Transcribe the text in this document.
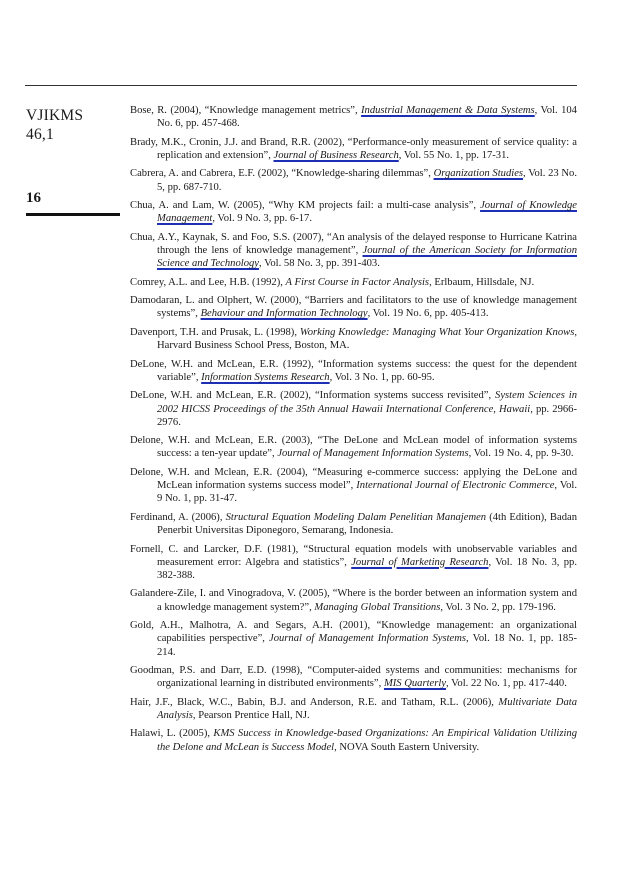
VJIKMS
46,1
16
Bose, R. (2004), “Knowledge management metrics”, Industrial Management & Data Systems, Vol. 104 No. 6, pp. 457-468.
Brady, M.K., Cronin, J.J. and Brand, R.R. (2002), “Performance-only measurement of service quality: a replication and extension”, Journal of Business Research, Vol. 55 No. 1, pp. 17-31.
Cabrera, A. and Cabrera, E.F. (2002), “Knowledge-sharing dilemmas”, Organization Studies, Vol. 23 No. 5, pp. 687-710.
Chua, A. and Lam, W. (2005), “Why KM projects fail: a multi-case analysis”, Journal of Knowledge Management, Vol. 9 No. 3, pp. 6-17.
Chua, A.Y., Kaynak, S. and Foo, S.S. (2007), “An analysis of the delayed response to Hurricane Katrina through the lens of knowledge management”, Journal of the American Society for Information Science and Technology, Vol. 58 No. 3, pp. 391-403.
Comrey, A.L. and Lee, H.B. (1992), A First Course in Factor Analysis, Erlbaum, Hillsdale, NJ.
Damodaran, L. and Olphert, W. (2000), “Barriers and facilitators to the use of knowledge management systems”, Behaviour and Information Technology, Vol. 19 No. 6, pp. 405-413.
Davenport, T.H. and Prusak, L. (1998), Working Knowledge: Managing What Your Organization Knows, Harvard Business School Press, Boston, MA.
DeLone, W.H. and McLean, E.R. (1992), “Information systems success: the quest for the dependent variable”, Information Systems Research, Vol. 3 No. 1, pp. 60-95.
DeLone, W.H. and McLean, E.R. (2002), “Information systems success revisited”, System Sciences in 2002 HICSS Proceedings of the 35th Annual Hawaii International Conference, Hawaii, pp. 2966-2976.
Delone, W.H. and McLean, E.R. (2003), “The DeLone and McLean model of information systems success: a ten-year update”, Journal of Management Information Systems, Vol. 19 No. 4, pp. 9-30.
Delone, W.H. and Mclean, E.R. (2004), “Measuring e-commerce success: applying the DeLone and McLean information systems success model”, International Journal of Electronic Commerce, Vol. 9 No. 1, pp. 31-47.
Ferdinand, A. (2006), Structural Equation Modeling Dalam Penelitian Manajemen (4th Edition), Badan Penerbit Universitas Diponegoro, Semarang, Indonesia.
Fornell, C. and Larcker, D.F. (1981), “Structural equation models with unobservable variables and measurement error: Algebra and statistics”, Journal of Marketing Research, Vol. 18 No. 3, pp. 382-388.
Galandere-Zile, I. and Vinogradova, V. (2005), “Where is the border between an information system and a knowledge management system?”, Managing Global Transitions, Vol. 3 No. 2, pp. 179-196.
Gold, A.H., Malhotra, A. and Segars, A.H. (2001), “Knowledge management: an organizational capabilities perspective”, Journal of Management Information Systems, Vol. 18 No. 1, pp. 185-214.
Goodman, P.S. and Darr, E.D. (1998), “Computer-aided systems and communities: mechanisms for organizational learning in distributed environments”, MIS Quarterly, Vol. 22 No. 1, pp. 417-440.
Hair, J.F., Black, W.C., Babin, B.J. and Anderson, R.E. and Tatham, R.L. (2006), Multivariate Data Analysis, Pearson Prentice Hall, NJ.
Halawi, L. (2005), KMS Success in Knowledge-based Organizations: An Empirical Validation Utilizing the Delone and McLean is Success Model, NOVA South Eastern University.
